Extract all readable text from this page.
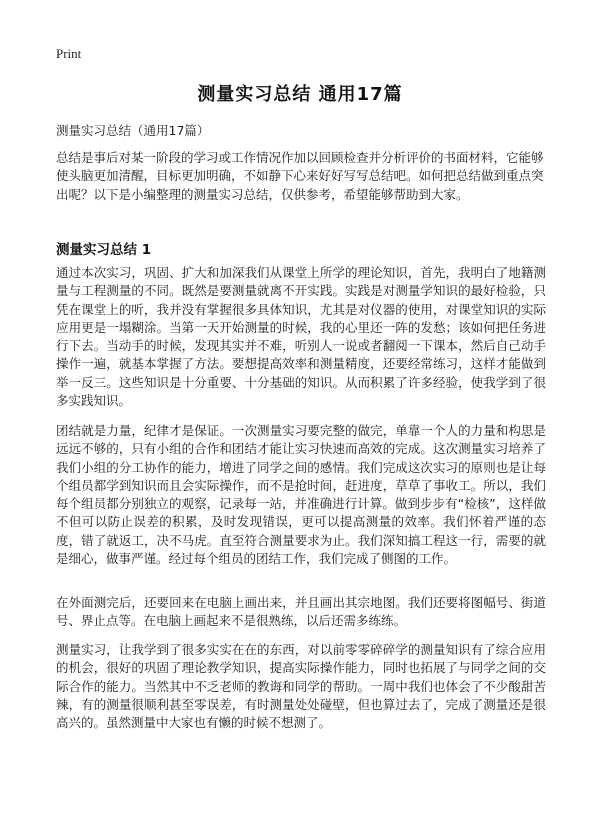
Print
测量实习总结 通用17篇

测量实习总结（通用17篇）

总结是事后对某一阶段的学习或工作情况作加以回顾检查并分析评价的书面材料，它能够使头脑更加清醒，目标更加明确，不如静下心来好好写写总结吧。如何把总结做到重点突出呢？以下是小编整理的测量实习总结，仅供参考，希望能够帮助到大家。

测量实习总结 1

通过本次实习，巩固、扩大和加深我们从课堂上所学的理论知识，首先，我明白了地籍测量与工程测量的不同。既然是要测量就离不开实践。实践是对测量学知识的最好检验，只凭在课堂上的听，我并没有掌握很多具体知识，尤其是对仪器的使用，对课堂知识的实际应用更是一塌糊涂。当第一天开始测量的时候，我的心里还一阵的发愁；该如何把任务进行下去。当动手的时候，发现其实并不难，听别人一说或者翻阅一下课本，然后自己动手操作一遍，就基本掌握了方法。要想提高效率和测量精度，还要经常练习，这样才能做到举一反三。这些知识是十分重要、十分基础的知识。从而积累了许多经验，使我学到了很多实践知识。

团结就是力量，纪律才是保证。一次测量实习要完整的做完，单靠一个人的力量和构思是远远不够的，只有小组的合作和团结才能让实习快速而高效的完成。这次测量实习培养了我们小组的分工协作的能力，增进了同学之间的感情。我们完成这次实习的原则也是让每个组员都学到知识而且会实际操作，而不是抢时间，赶进度，草草了事收工。所以，我们每个组员都分别独立的观察，记录每一站，并准确进行计算。做到步步有“检核”，这样做不但可以防止误差的积累，及时发现错误，更可以提高测量的效率。我们怀着严谨的态度，错了就返工，决不马虎。直至符合测量要求为止。我们深知搞工程这一行，需要的就是细心，做事严谨。经过每个组员的团结工作，我们完成了侧图的工作。

在外面测完后，还要回来在电脑上画出来，并且画出其宗地图。我们还要将图幅号、街道号、界止点等。在电脑上画起来不是很熟练，以后还需多练练。

测量实习，让我学到了很多实实在在的东西，对以前零零碎碎学的测量知识有了综合应用的机会，很好的巩固了理论教学知识，提高实际操作能力，同时也拓展了与同学之间的交际合作的能力。当然其中不乏老师的教诲和同学的帮助。一周中我们也体会了不少酸甜苦辣，有的测量很顺利甚至零误差，有时测量处处碰壁，但也算过去了，完成了测量还是很高兴的。虽然测量中大家也有懒的时候不想测了。
